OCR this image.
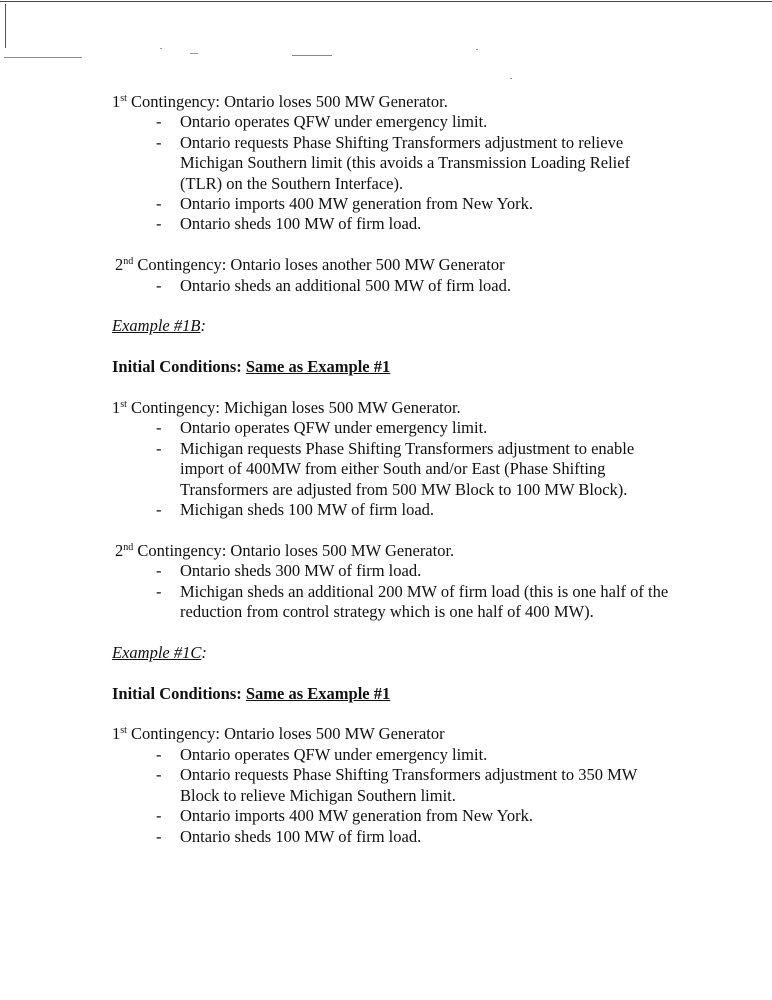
1st Contingency: Ontario loses 500 MW Generator.

- Ontario operates QFW under emergency limit.
- Ontario requests Phase Shifting Transformers adjustment to relieve Michigan Southern limit (this avoids a Transmission Loading Relief (TLR) on the Southern Interface).
- Ontario imports 400 MW generation from New York.
- Ontario sheds 100 MW of firm load.

2nd Contingency: Ontario loses another 500 MW Generator

- Ontario sheds an additional 500 MW of firm load.

Example #1B:

Initial Conditions: Same as Example #1

1st Contingency: Michigan loses 500 MW Generator.

- Ontario operates QFW under emergency limit.
- Michigan requests Phase Shifting Transformers adjustment to enable import of 400MW from either South and/or East (Phase Shifting Transformers are adjusted from 500 MW Block to 100 MW Block).
- Michigan sheds 100 MW of firm load.

2nd Contingency: Ontario loses 500 MW Generator.

- Ontario sheds 300 MW of firm load.
- Michigan sheds an additional 200 MW of firm load (this is one half of the reduction from control strategy which is one half of 400 MW).

Example #1C:

Initial Conditions: Same as Example #1

1st Contingency: Ontario loses 500 MW Generator

- Ontario operates QFW under emergency limit.
- Ontario requests Phase Shifting Transformers adjustment to 350 MW Block to relieve Michigan Southern limit.
- Ontario imports 400 MW generation from New York.
- Ontario sheds 100 MW of firm load.
